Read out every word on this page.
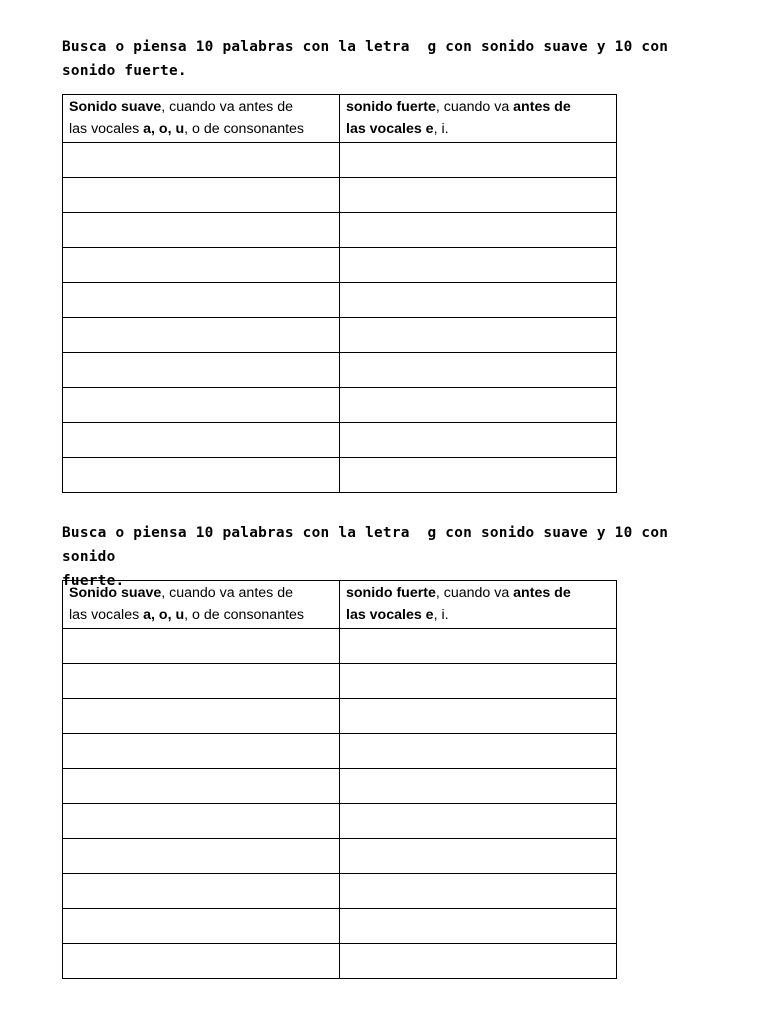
Busca o piensa 10 palabras con la letra  g con sonido suave y 10 con sonido fuerte.

Sonido suave, cuando va antes de
las vocales a, o, u, o de consonantes	sonido fuerte, cuando va antes de
las vocales e, i.

Busca o piensa 10 palabras con la letra  g con sonido suave y 10 con sonido
fuerte.

Sonido suave, cuando va antes de
las vocales a, o, u, o de consonantes	sonido fuerte, cuando va antes de
las vocales e, i.
